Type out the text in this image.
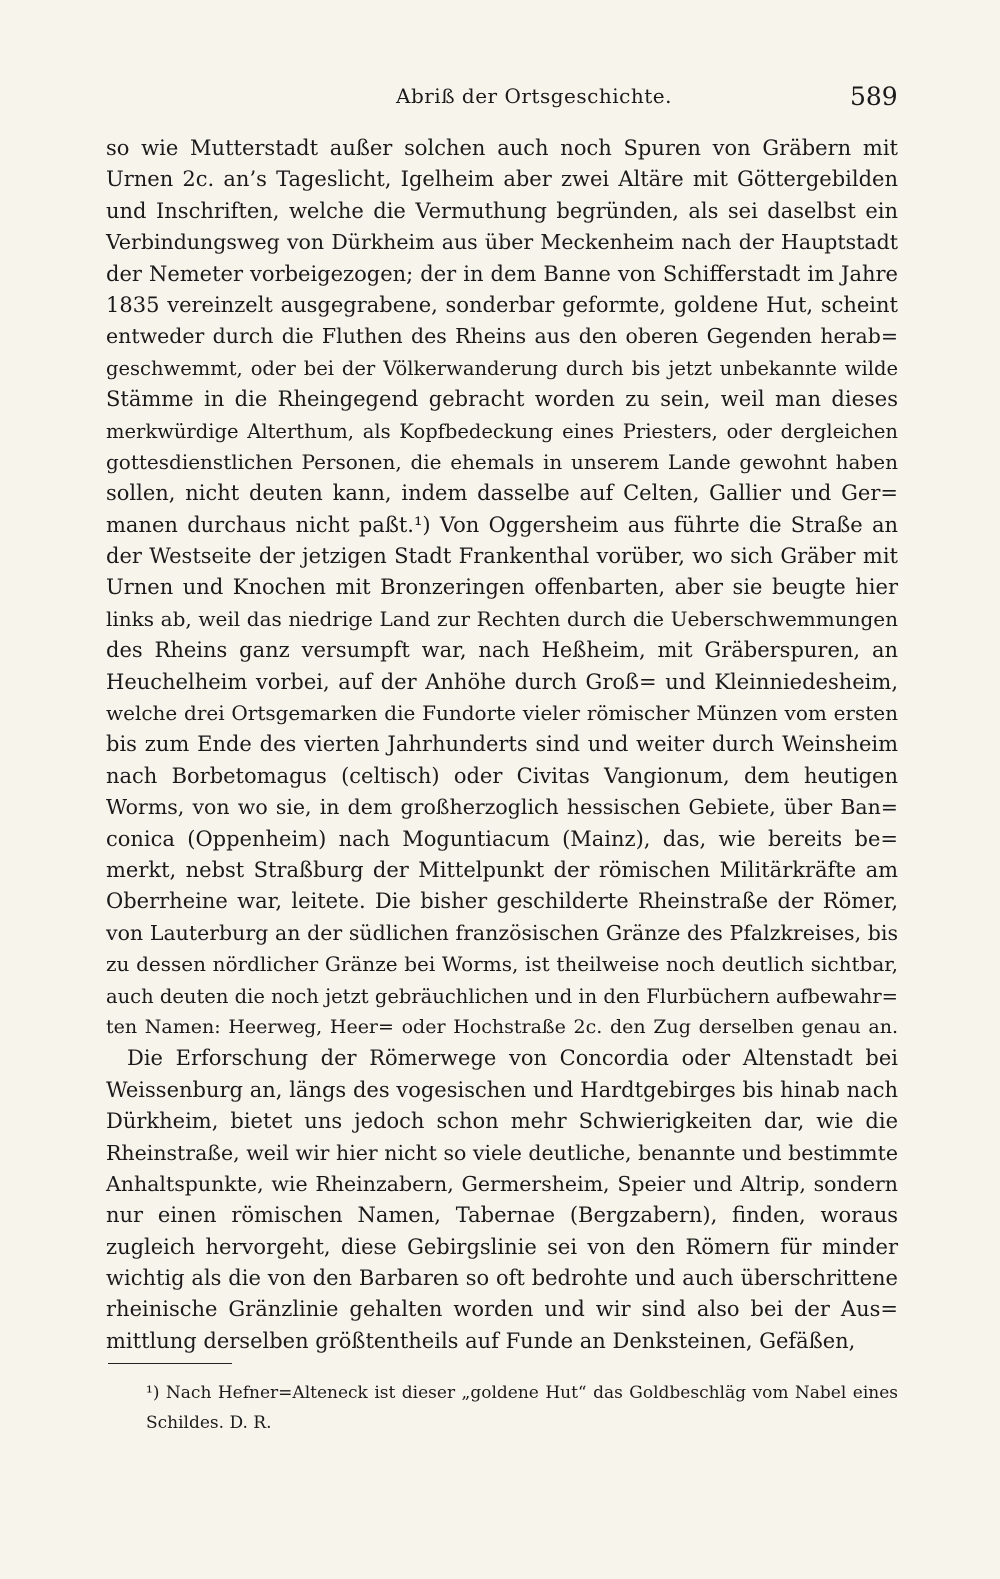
Abriß der Ortsgeschichte.	589
so wie Mutterstadt außer solchen auch noch Spuren von Gräbern mit
Urnen 2c. an’s Tageslicht, Igelheim aber zwei Altäre mit Göttergebilden
und Inschriften, welche die Vermuthung begründen, als sei daselbst ein
Verbindungsweg von Dürkheim aus über Meckenheim nach der Hauptstadt
der Nemeter vorbeigezogen; der in dem Banne von Schifferstadt im Jahre
1835 vereinzelt ausgegrabene, sonderbar geformte, goldene Hut, scheint
entweder durch die Fluthen des Rheins aus den oberen Gegenden herab=
geschwemmt, oder bei der Völkerwanderung durch bis jetzt unbekannte wilde
Stämme in die Rheingegend gebracht worden zu sein, weil man dieses
merkwürdige Alterthum, als Kopfbedeckung eines Priesters, oder dergleichen
gottesdienstlichen Personen, die ehemals in unserem Lande gewohnt haben
sollen, nicht deuten kann, indem dasselbe auf Celten, Gallier und Ger=
manen durchaus nicht paßt.¹) Von Oggersheim aus führte die Straße an
der Westseite der jetzigen Stadt Frankenthal vorüber, wo sich Gräber mit
Urnen und Knochen mit Bronzeringen offenbarten, aber sie beugte hier
links ab, weil das niedrige Land zur Rechten durch die Ueberschwemmungen
des Rheins ganz versumpft war, nach Heßheim, mit Gräberspuren, an
Heuchelheim vorbei, auf der Anhöhe durch Groß= und Kleinniedesheim,
welche drei Ortsgemarken die Fundorte vieler römischer Münzen vom ersten
bis zum Ende des vierten Jahrhunderts sind und weiter durch Weinsheim
nach Borbetomagus (celtisch) oder Civitas Vangionum, dem heutigen
Worms, von wo sie, in dem großherzoglich hessischen Gebiete, über Ban=
conica (Oppenheim) nach Moguntiacum (Mainz), das, wie bereits be=
merkt, nebst Straßburg der Mittelpunkt der römischen Militärkräfte am
Oberrheine war, leitete. Die bisher geschilderte Rheinstraße der Römer,
von Lauterburg an der südlichen französischen Gränze des Pfalzkreises, bis
zu dessen nördlicher Gränze bei Worms, ist theilweise noch deutlich sichtbar,
auch deuten die noch jetzt gebräuchlichen und in den Flurbüchern aufbewahr=
ten Namen: Heerweg, Heer= oder Hochstraße 2c. den Zug derselben genau an.
 Die Erforschung der Römerwege von Concordia oder Altenstadt bei
Weissenburg an, längs des vogesischen und Hardtgebirges bis hinab nach
Dürkheim, bietet uns jedoch schon mehr Schwierigkeiten dar, wie die
Rheinstraße, weil wir hier nicht so viele deutliche, benannte und bestimmte
Anhaltspunkte, wie Rheinzabern, Germersheim, Speier und Altrip, sondern
nur einen römischen Namen, Tabernae (Bergzabern), finden, woraus
zugleich hervorgeht, diese Gebirgslinie sei von den Römern für minder
wichtig als die von den Barbaren so oft bedrohte und auch überschrittene
rheinische Gränzlinie gehalten worden und wir sind also bei der Aus=
mittlung derselben größtentheils auf Funde an Denksteinen, Gefäßen,
¹) Nach Hefner=Alteneck ist dieser „goldene Hut“ das Goldbeschläg vom Nabel eines
Schildes. D. R.
